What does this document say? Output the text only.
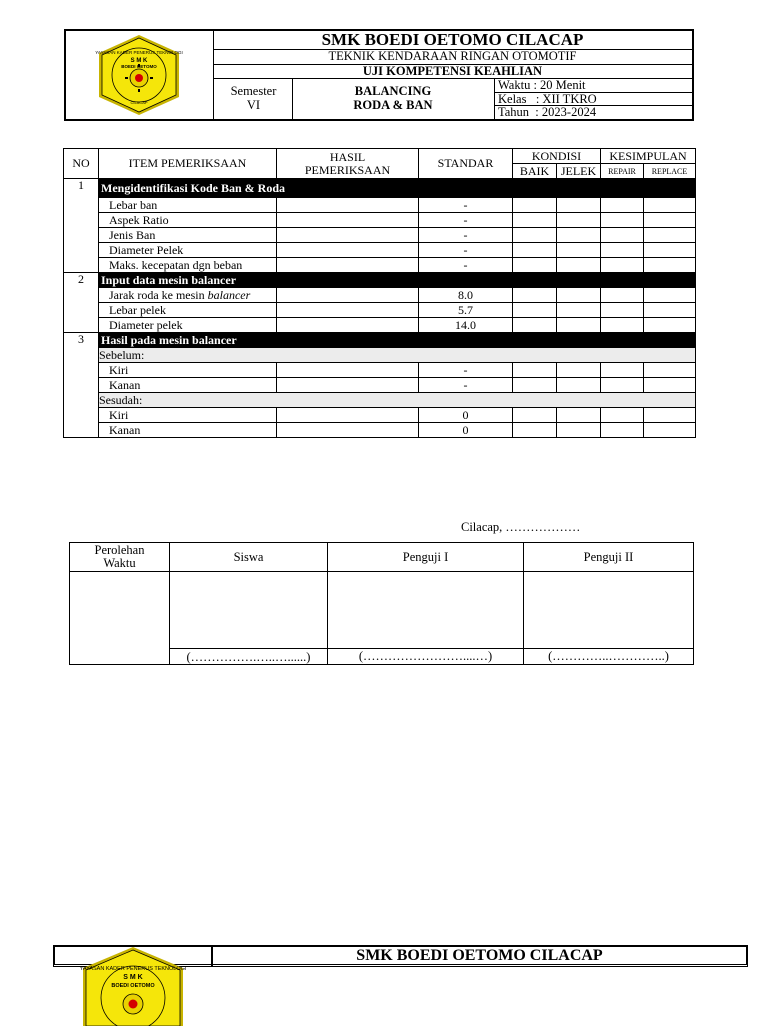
YAYASAN KADER PENERUS TEKNOLOGI
S M K
BOEDI OETOMO
CILACAP
SMK BOEDI OETOMO CILACAP
TEKNIK KENDARAAN RINGAN OTOMOTIF
UJI KOMPETENSI KEAHLIAN
Semester
VI
BALANCING
RODA & BAN
Waktu : 20 Menit
Kelas   : XII TKRO
Tahun  : 2023-2024
NO	ITEM PEMERIKSAAN	HASIL
PEMERIKSAAN	STANDAR	KONDISI		KESIMPULAN	
				BAIK	JELEK	REPAIR	REPLACE
1	Mengidentifikasi Kode Ban & Roda						
	Lebar ban		-				
	Aspek Ratio		-				
	Jenis Ban		-				
	Diameter Pelek		-				
	Maks. kecepatan dgn beban		-				
2	Input data mesin balancer						
	Jarak roda ke mesin balancer		8.0				
	Lebar pelek		5.7				
	Diameter pelek		14.0				
3	Hasil pada mesin balancer						
	Sebelum:						
	Kiri		-				
	Kanan		-				
	Sesudah:						
	Kiri		0				
	Kanan		0				
Cilacap, ………………
Perolehan
Waktu	Siswa	Penguji I	Penguji II

	(…………….…..…......)	(……………………....…)	(…………..…………..)
SMK BOEDI OETOMO CILACAP
YAYASAN KADER PENERUS TEKNOLOGI
S M K
BOEDI OETOMO
